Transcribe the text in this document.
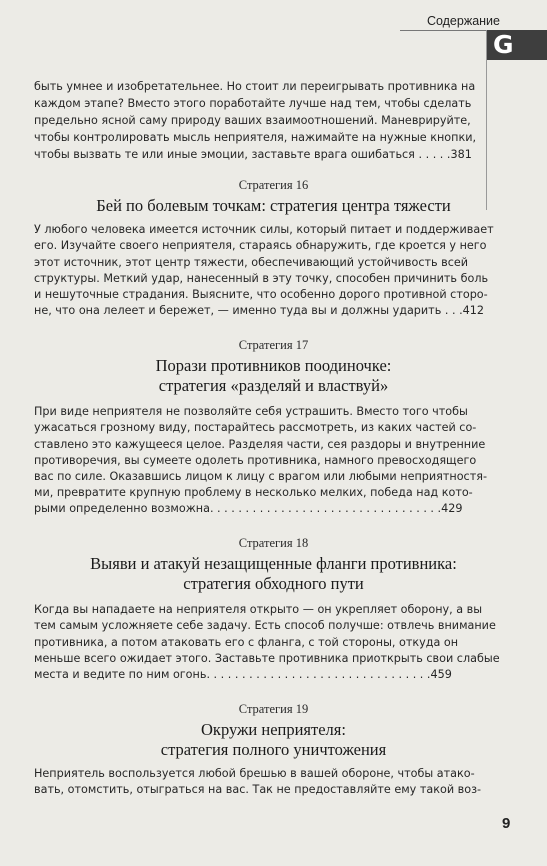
Содержание
G
быть умнее и изобретательнее. Но стоит ли переигрывать противника на
каждом этапе? Вместо этого поработайте лучше над тем, чтобы сделать
предельно ясной саму природу ваших взаимоотношений. Маневрируйте,
чтобы контролировать мысль неприятеля, нажимайте на нужные кнопки,
чтобы вызвать те или иные эмоции, заставьте врага ошибаться . . . . .381
Стратегия 16
Бей по болевым точкам: стратегия центра тяжести
У любого человека имеется источник силы, который питает и поддерживает
его. Изучайте своего неприятеля, стараясь обнаружить, где кроется у него
этот источник, этот центр тяжести, обеспечивающий устойчивость всей
структуры. Меткий удар, нанесенный в эту точку, способен причинить боль
и нешуточные страдания. Выясните, что особенно дорого противной сторо-
не, что она лелеет и бережет, — именно туда вы и должны ударить . . .412
Стратегия 17
Порази противников поодиночке:
стратегия «разделяй и властвуй»
При виде неприятеля не позволяйте себя устрашить. Вместо того чтобы
ужасаться грозному виду, постарайтесь рассмотреть, из каких частей со-
ставлено это кажущееся целое. Разделяя части, сея раздоры и внутренние
противоречия, вы сумеете одолеть противника, намного превосходящего
вас по силе. Оказавшись лицом к лицу с врагом или любыми неприятностя-
ми, превратите крупную проблему в несколько мелких, победа над кото-
рыми определенно возможна. . . . . . . . . . . . . . . . . . . . . . . . . . . . . . . . .429
Стратегия 18
Выяви и атакуй незащищенные фланги противника:
стратегия обходного пути
Когда вы нападаете на неприятеля открыто — он укрепляет оборону, а вы
тем самым усложняете себе задачу. Есть способ получше: отвлечь внимание
противника, а потом атаковать его с фланга, с той стороны, откуда он
меньше всего ожидает этого. Заставьте противника приоткрыть свои слабые
места и ведите по ним огонь. . . . . . . . . . . . . . . . . . . . . . . . . . . . . . . .459
Стратегия 19
Окружи неприятеля:
стратегия полного уничтожения
Неприятель воспользуется любой брешью в вашей обороне, чтобы атако-
вать, отомстить, отыграться на вас. Так не предоставляйте ему такой воз-
9
